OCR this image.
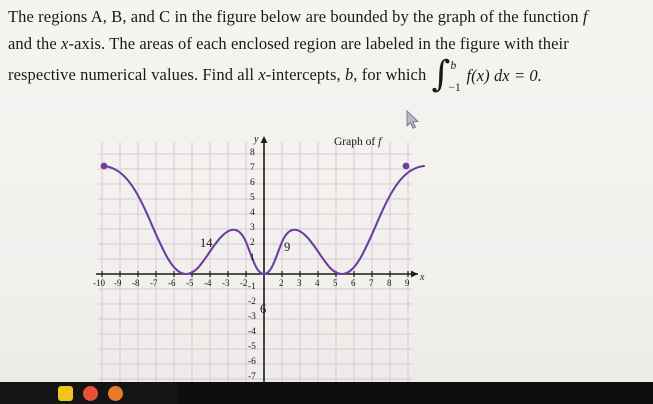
The regions A, B, and C in the figure below are bounded by the graph of the function f
and the x-axis. The areas of each enclosed region are labeled in the figure with their
respective numerical values. Find all x-intercepts, b, for which ∫ b
−1
f(x) dx = 0.
Graph of f
y
x
8
7
6
5
4
3
2
1
-1
-2
-3
-4
-5
-6
-7
-10 -9 -8 -7 -6 -5 -4 -3 -2	2 3 4 5 6 7 8 9
14	9
6
